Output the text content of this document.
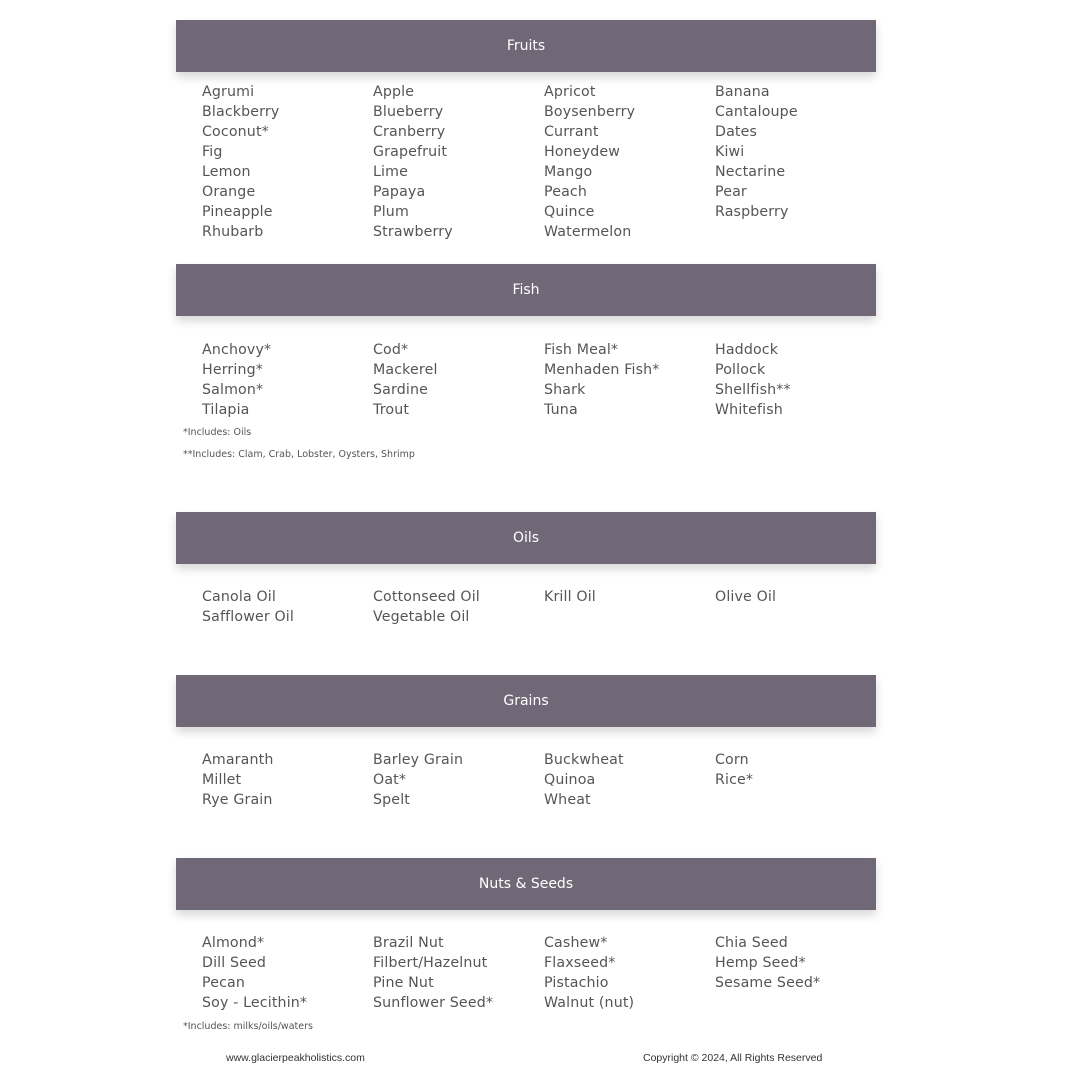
Fruits
Agrumi	Apple	Apricot	Banana
Blackberry	Blueberry	Boysenberry	Cantaloupe
Coconut*	Cranberry	Currant	Dates
Fig	Grapefruit	Honeydew	Kiwi
Lemon	Lime	Mango	Nectarine
Orange	Papaya	Peach	Pear
Pineapple	Plum	Quince	Raspberry
Rhubarb	Strawberry	Watermelon
Fish
Anchovy*	Cod*	Fish Meal*	Haddock
Herring*	Mackerel	Menhaden Fish*	Pollock
Salmon*	Sardine	Shark	Shellfish**
Tilapia	Trout	Tuna	Whitefish
*Includes: Oils
**Includes: Clam, Crab, Lobster, Oysters, Shrimp
Oils
Canola Oil	Cottonseed Oil	Krill Oil	Olive Oil
Safflower Oil	Vegetable Oil
Grains
Amaranth	Barley Grain	Buckwheat	Corn
Millet	Oat*	Quinoa	Rice*
Rye Grain	Spelt	Wheat
Nuts & Seeds
Almond*	Brazil Nut	Cashew*	Chia Seed
Dill Seed	Filbert/Hazelnut	Flaxseed*	Hemp Seed*
Pecan	Pine Nut	Pistachio	Sesame Seed*
Soy - Lecithin*	Sunflower Seed*	Walnut (nut)
*Includes: milks/oils/waters
www.glacierpeakholistics.com	Copyright © 2024, All Rights Reserved
